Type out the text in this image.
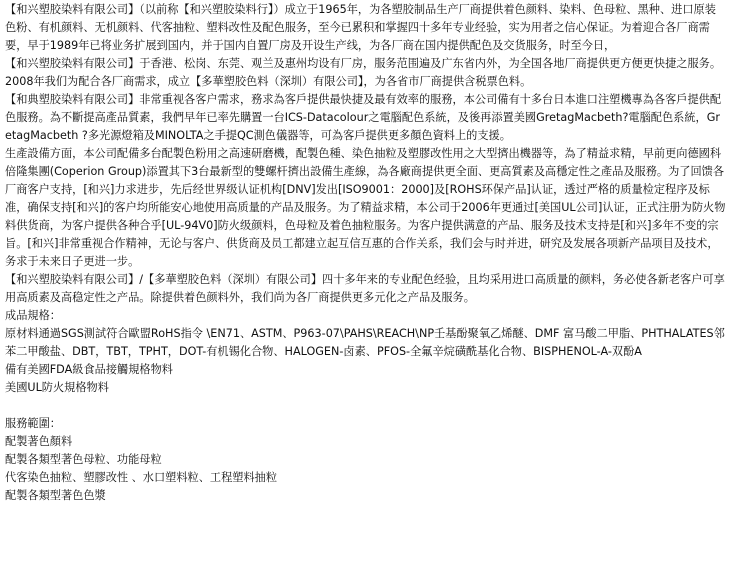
【和兴塑胶染料有限公司】（以前称【和兴塑胶染料行】）成立于1965年，为各塑胶制品生产厂商提供着色颜料、染料、色母粒、黑种、进口原装色粉、有机颜料、无机颜料、代客抽粒、塑料改性及配色服务，至今已累积和掌握四十多年专业经验，实为用者之信心保证。为着迎合各厂商需要，早于1989年已将业务扩展到国内，并于国内自置厂房及开设生产线，为各厂商在国内提供配色及交货服务，时至今日，

【和兴塑胶染料有限公司】于香港、松岗、东莞、观兰及惠州均设有厂房，服务范围遍及广东省内外，为全国各地厂商提供更方便更快捷之服务。

2008年我们为配合各厂商需求，成立【多華塑胶色料（深圳）有限公司】，为各省市厂商提供含税票色料。

【和典塑胶染料有限公司】非常重视各客户需求，務求為客戶提供最快捷及最有效率的服務，本公司備有十多台日本進口注塑機專為各客戶提供配色服務。為不斷提高產品質素，我們早年已率先購置一台ICS-Datacolour之電腦配色系統，及後再添置美國GretagMacbeth?電腦配色系統，GretagMacbeth ?多光源燈箱及MINOLTA之手提QC測色儀器等，可為客戶提供更多顏色資料上的支援。

生產設備方面，本公司配備多台配製色粉用之高速研磨機，配製色種、染色抽粒及塑膠改性用之大型擠出機器等，為了精益求精，早前更向德國科倍隆集團(Coperion Group)添置其下3台最新型的雙螺杆擠出設備生產線，為各廠商提供更全面、更高質素及高穩定性之產品及服務。为了回馈各厂商客户支持，[和兴]力求进步，先后经世界级认证机构[DNV]发出[ISO9001：2000]及[ROHS环保产品]认证，透过严格的质量检定程序及标准，确保支持[和兴]的客户均所能安心地使用高质量的产品及服务。为了精益求精，本公司于2006年更通过[美国UL公司]认证，正式注册为防火物料供货商，为客户提供各种合乎[UL-94V0]防火级颜料，色母粒及着色抽粒服务。为客户提供满意的产品、服务及技术支持是[和兴]多年不变的宗旨。[和兴]非常重视合作精神，无论与客户、供货商及员工都建立起互信互惠的合作关系，我们会与时并进，研究及发展各项新产品项目及技术，务求于未来日子更进一步。

【和兴塑胶染料有限公司】/【多華塑胶色料（深圳）有限公司】四十多年来的专业配色经验，且均采用进口高质量的颜料，务必使各新老客户可享用高质素及高稳定性之产品。除提供着色颜料外，我们尚为各厂商提供更多元化之产品及服务。

成品規格：

原材料通過SGS測試符合歐盟RoHS指令 \EN71、ASTM、P963-07\PAHS\REACH\NP壬基酚聚氧乙烯醚、DMF 富马酸二甲脂、PHTHALATES邻苯二甲酸盐、DBT，TBT，TPHT，DOT-有机锡化合物、HALOGEN-卤素、PFOS-全氟辛烷磺酰基化合物、BISPHENOL-A-双酚A

備有美國FDA級食品接觸規格物料

美國UL防火規格物料

服務範圍：

配製著色顏料

配製各類型著色母粒、功能母粒

代客染色抽粒、塑膠改性 、水口塑料粒、工程塑料抽粒

配製各類型著色色漿
